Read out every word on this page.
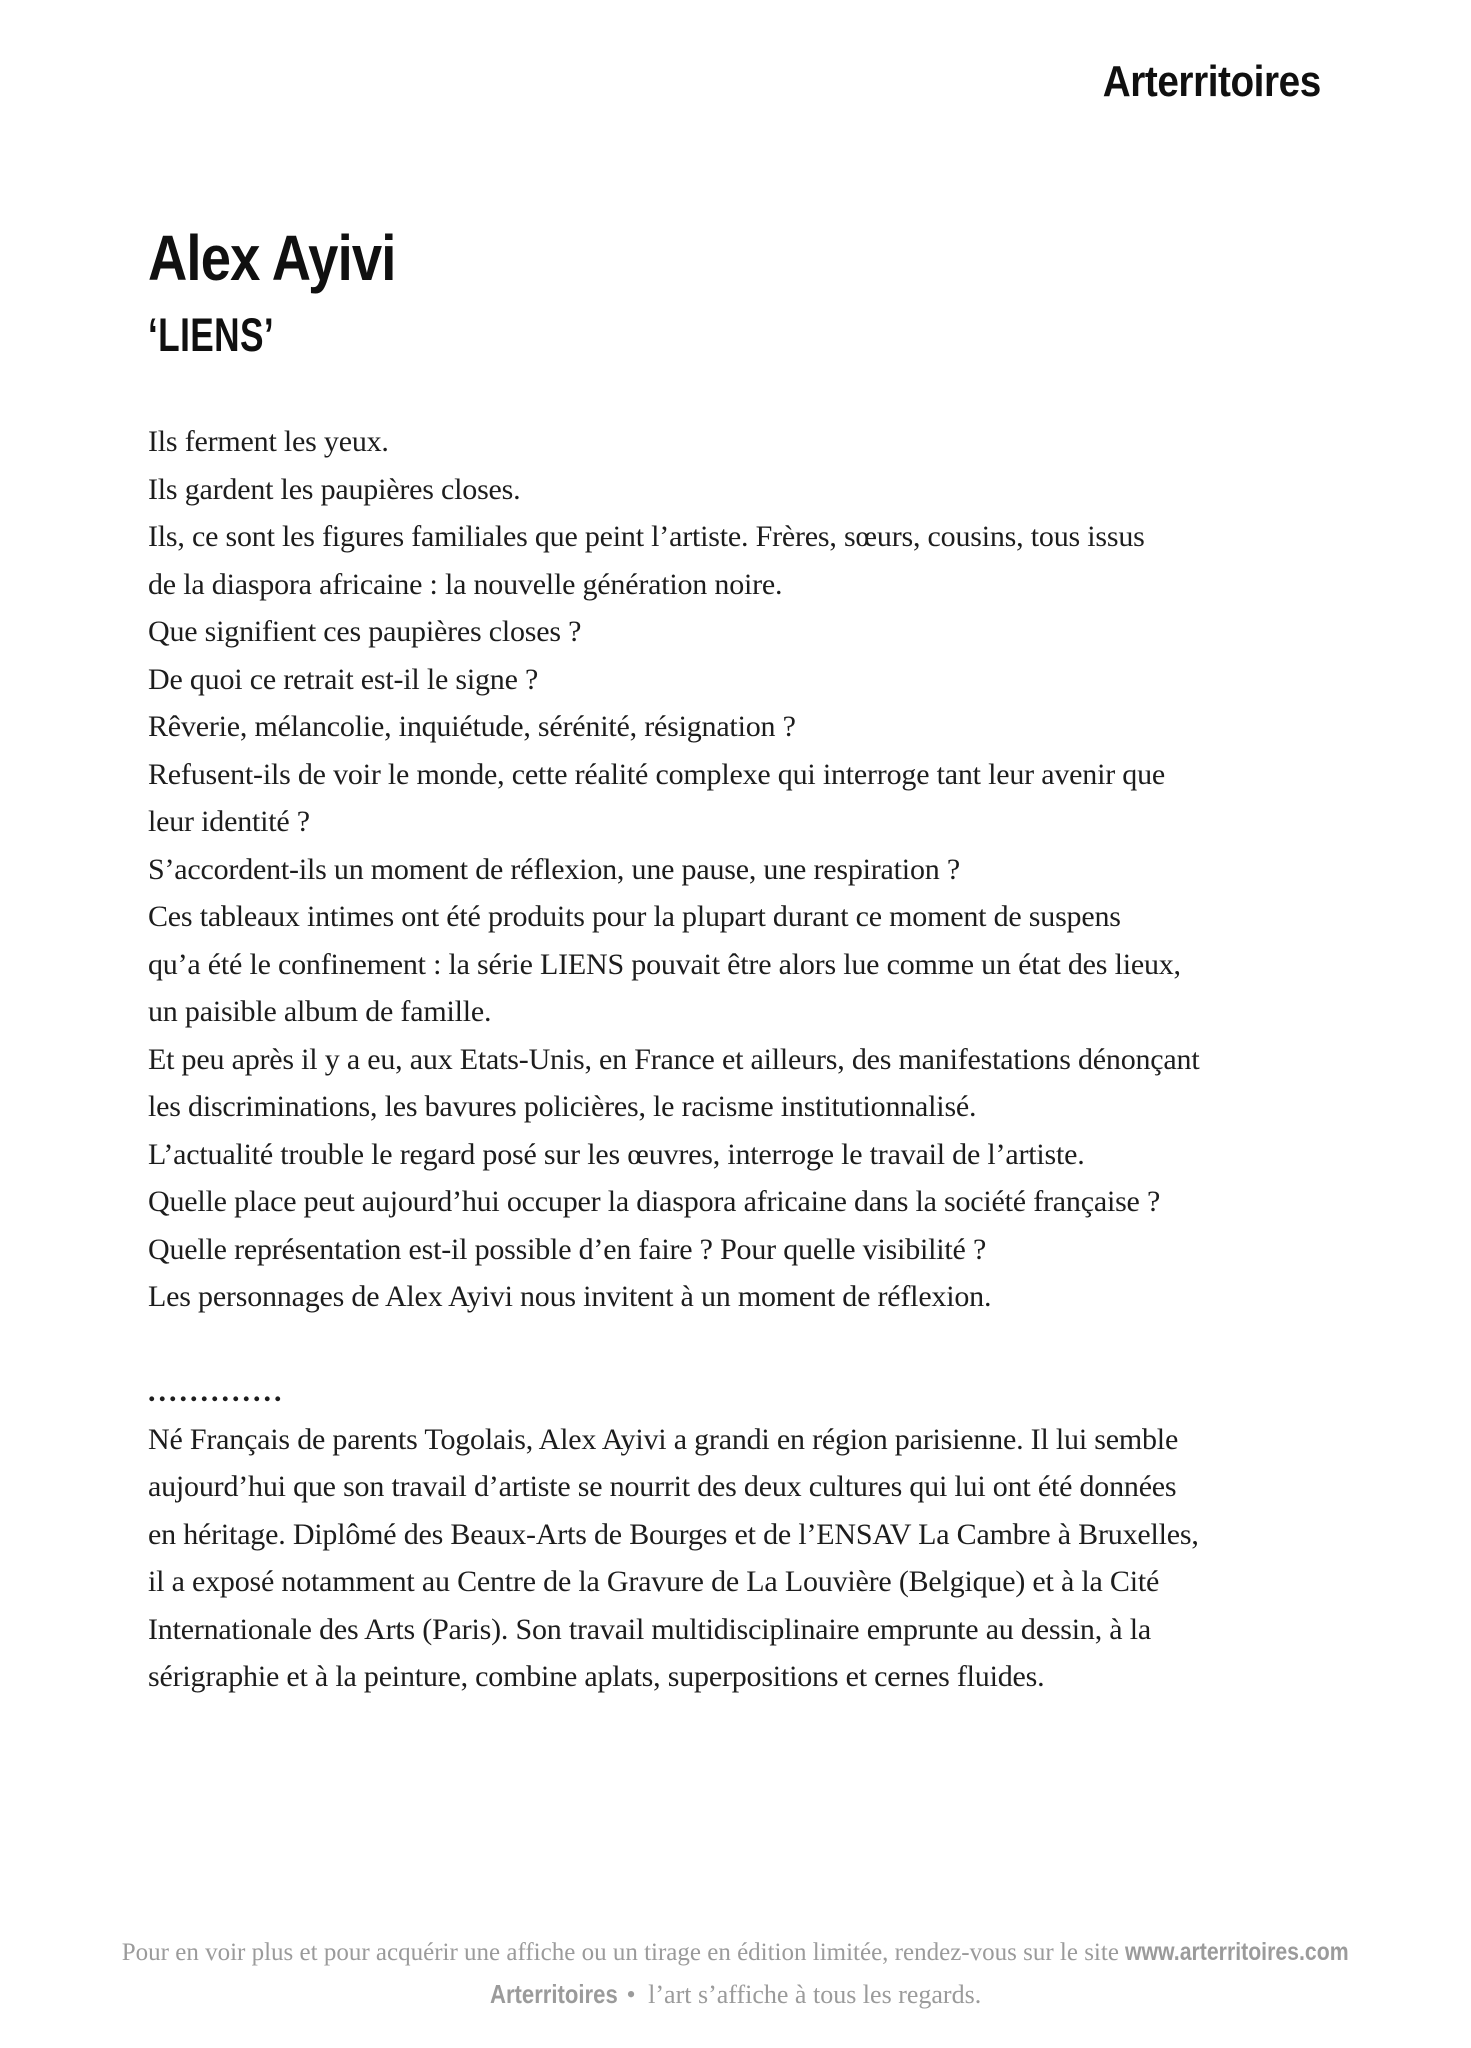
Arterritoires
Alex Ayivi
‘LIENS’
Ils ferment les yeux.
Ils gardent les paupières closes.
Ils, ce sont les figures familiales que peint l’artiste. Frères, sœurs, cousins, tous issus
de la diaspora africaine : la nouvelle génération noire.
Que signifient ces paupières closes ?
De quoi ce retrait est-il le signe ?
Rêverie, mélancolie, inquiétude, sérénité, résignation ?
Refusent-ils de voir le monde, cette réalité complexe qui interroge tant leur avenir que
leur identité ?
S’accordent-ils un moment de réflexion, une pause, une respiration ?
Ces tableaux intimes ont été produits pour la plupart durant ce moment de suspens
qu’a été le confinement : la série LIENS pouvait être alors lue comme un état des lieux,
un paisible album de famille.
Et peu après il y a eu, aux Etats-Unis, en France et ailleurs, des manifestations dénonçant
les discriminations, les bavures policières, le racisme institutionnalisé.
L’actualité trouble le regard posé sur les œuvres, interroge le travail de l’artiste.
Quelle place peut aujourd’hui occuper la diaspora africaine dans la société française ?
Quelle représentation est-il possible d’en faire ? Pour quelle visibilité ?
Les personnages de Alex Ayivi nous invitent à un moment de réflexion.
.............
Né Français de parents Togolais, Alex Ayivi a grandi en région parisienne. Il lui semble
aujourd’hui que son travail d’artiste se nourrit des deux cultures qui lui ont été données
en héritage. Diplômé des Beaux-Arts de Bourges et de l’ENSAV La Cambre à Bruxelles,
il a exposé notamment au Centre de la Gravure de La Louvière (Belgique) et à la Cité
Internationale des Arts (Paris). Son travail multidisciplinaire emprunte au dessin, à la
sérigraphie et à la peinture, combine aplats, superpositions et cernes fluides.
Pour en voir plus et pour acquérir une affiche ou un tirage en édition limitée, rendez-vous sur le site www.arterritoires.com
Arterritoires • l’art s’affiche à tous les regards.
